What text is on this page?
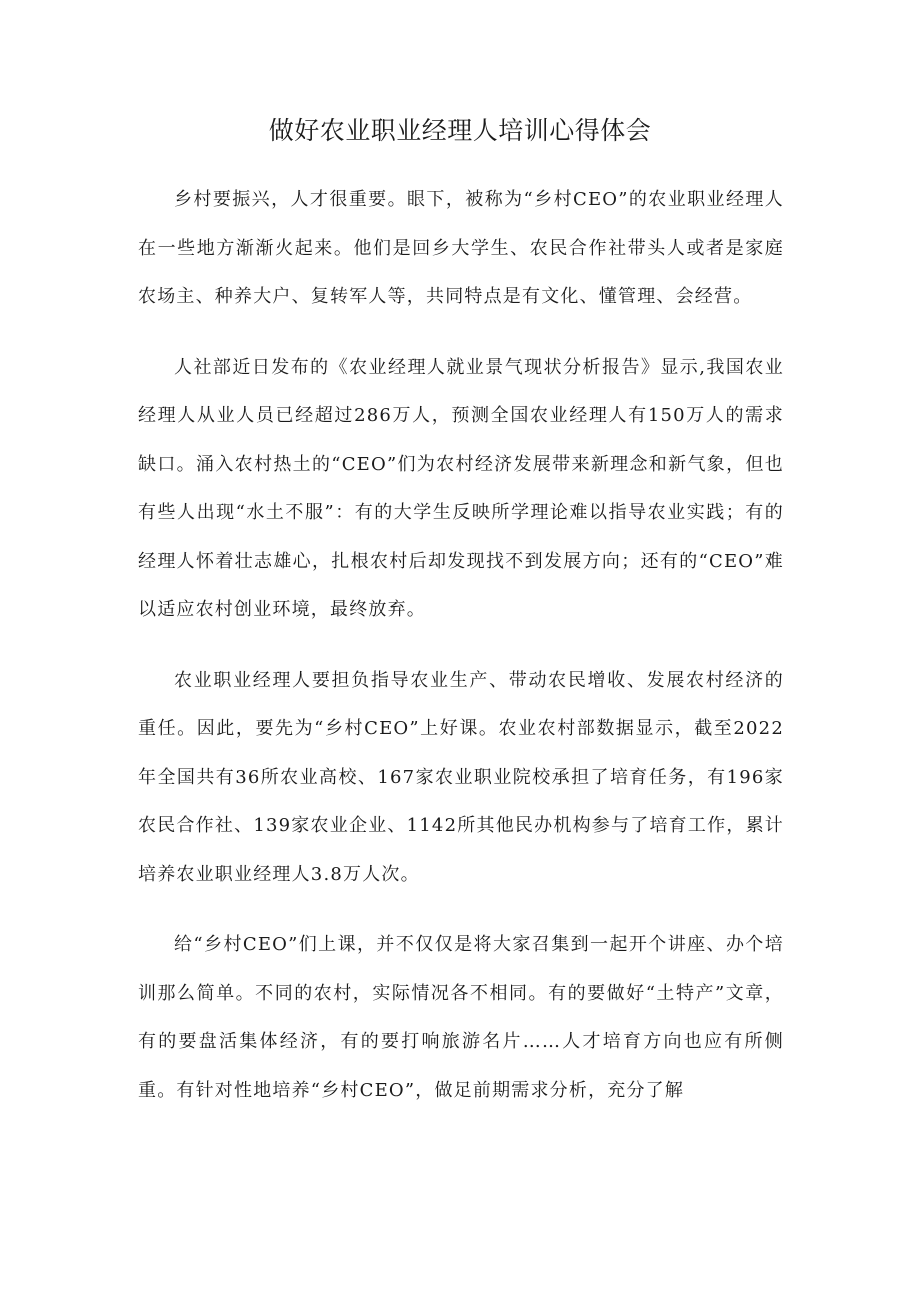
做好农业职业经理人培训心得体会

乡村要振兴，人才很重要。眼下，被称为“乡村CEO”的农业职业经理人在一些地方渐渐火起来。他们是回乡大学生、农民合作社带头人或者是家庭农场主、种养大户、复转军人等，共同特点是有文化、懂管理、会经营。

人社部近日发布的《农业经理人就业景气现状分析报告》显示,我国农业经理人从业人员已经超过286万人，预测全国农业经理人有150万人的需求缺口。涌入农村热土的“CEO”们为农村经济发展带来新理念和新气象，但也有些人出现“水土不服”：有的大学生反映所学理论难以指导农业实践；有的经理人怀着壮志雄心，扎根农村后却发现找不到发展方向；还有的“CEO”难以适应农村创业环境，最终放弃。

农业职业经理人要担负指导农业生产、带动农民增收、发展农村经济的重任。因此，要先为“乡村CEO”上好课。农业农村部数据显示，截至2022年全国共有36所农业高校、167家农业职业院校承担了培育任务，有196家农民合作社、139家农业企业、1142所其他民办机构参与了培育工作，累计培养农业职业经理人3.8万人次。

给“乡村CEO”们上课，并不仅仅是将大家召集到一起开个讲座、办个培训那么简单。不同的农村，实际情况各不相同。有的要做好“土特产”文章，有的要盘活集体经济，有的要打响旅游名片……人才培育方向也应有所侧重。有针对性地培养“乡村CEO”，做足前期需求分析，充分了解
